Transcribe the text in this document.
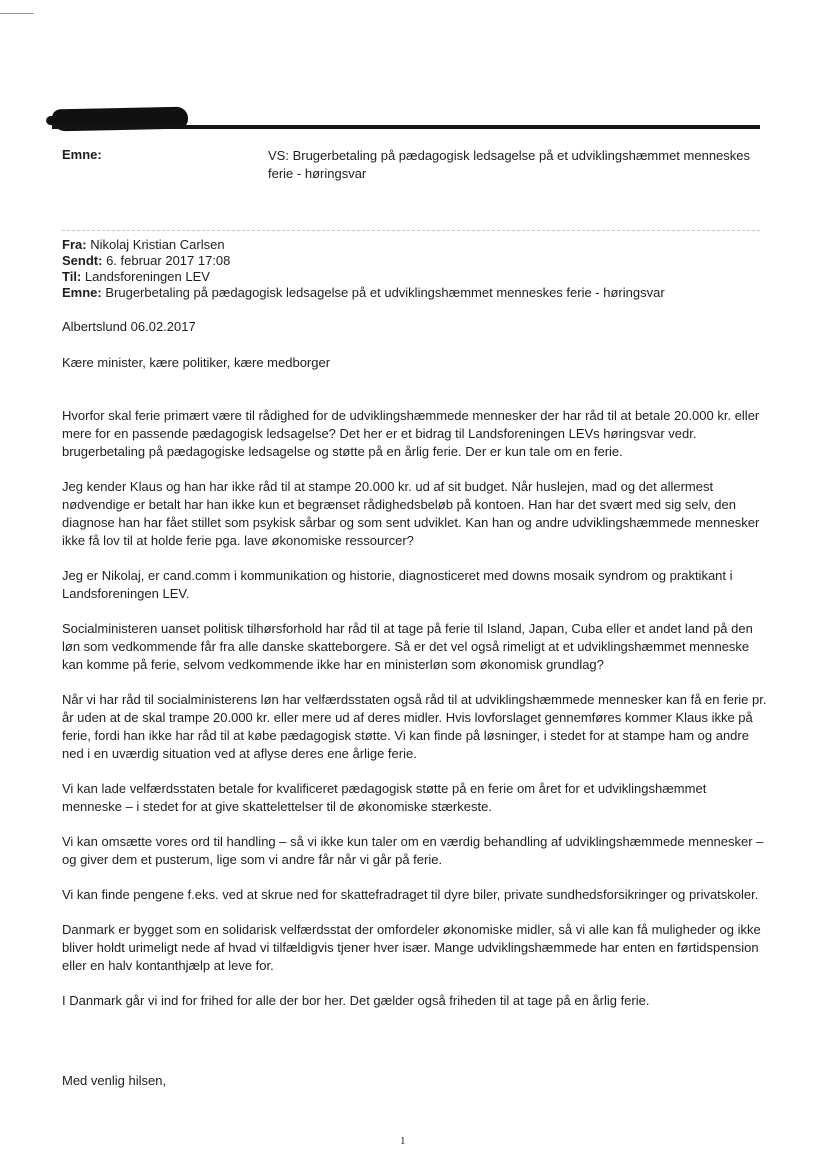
Emne:	VS: Brugerbetaling på pædagogisk ledsagelse på et udviklingshæmmet menneskes ferie - høringsvar
Fra: Nikolaj Kristian Carlsen
Sendt: 6. februar 2017 17:08
Til: Landsforeningen LEV
Emne: Brugerbetaling på pædagogisk ledsagelse på et udviklingshæmmet menneskes ferie - høringsvar
Albertslund 06.02.2017
Kære minister, kære politiker, kære medborger

Hvorfor skal ferie primært være til rådighed for de udviklingshæmmede mennesker der har råd til at betale 20.000 kr. eller mere for en passende pædagogisk ledsagelse? Det her er et bidrag til Landsforeningen LEVs høringsvar vedr. brugerbetaling på pædagogiske ledsagelse og støtte på en årlig ferie. Der er kun tale om en ferie.

Jeg kender Klaus og han har ikke råd til at stampe 20.000 kr. ud af sit budget. Når huslejen, mad og det allermest nødvendige er betalt har han ikke kun et begrænset rådighedsbeløb på kontoen. Han har det svært med sig selv, den diagnose han har fået stillet som psykisk sårbar og som sent udviklet. Kan han og andre udviklingshæmmede mennesker ikke få lov til at holde ferie pga. lave økonomiske ressourcer?

Jeg er Nikolaj, er cand.comm i kommunikation og historie, diagnosticeret med downs mosaik syndrom og praktikant i Landsforeningen LEV.

Socialministeren uanset politisk tilhørsforhold har råd til at tage på ferie til Island, Japan, Cuba eller et andet land på den løn som vedkommende får fra alle danske skatteborgere. Så er det vel også rimeligt at et udviklingshæmmet menneske kan komme på ferie, selvom vedkommende ikke har en ministerløn som økonomisk grundlag?

Når vi har råd til socialministerens løn har velfærdsstaten også råd til at udviklingshæmmede mennesker kan få en ferie pr. år uden at de skal trampe 20.000 kr. eller mere ud af deres midler. Hvis lovforslaget gennemføres kommer Klaus ikke på ferie, fordi han ikke har råd til at købe pædagogisk støtte. Vi kan finde på løsninger, i stedet for at stampe ham og andre ned i en uværdig situation ved at aflyse deres ene årlige ferie.

Vi kan lade velfærdsstaten betale for kvalificeret pædagogisk støtte på en ferie om året for et udviklingshæmmet menneske – i stedet for at give skattelettelser til de økonomiske stærkeste.

Vi kan omsætte vores ord til handling – så vi ikke kun taler om en værdig behandling af udviklingshæmmede mennesker – og giver dem et pusterum, lige som vi andre får når vi går på ferie.

Vi kan finde pengene f.eks. ved at skrue ned for skattefradraget til dyre biler, private sundhedsforsikringer og privatskoler.

Danmark er bygget som en solidarisk velfærdsstat der omfordeler økonomiske midler, så vi alle kan få muligheder og ikke bliver holdt urimeligt nede af hvad vi tilfældigvis tjener hver især. Mange udviklingshæmmede har enten en førtidspension eller en halv kontanthjælp at leve for.

I Danmark går vi ind for frihed for alle der bor her. Det gælder også friheden til at tage på en årlig ferie.

Med venlig hilsen,
1
